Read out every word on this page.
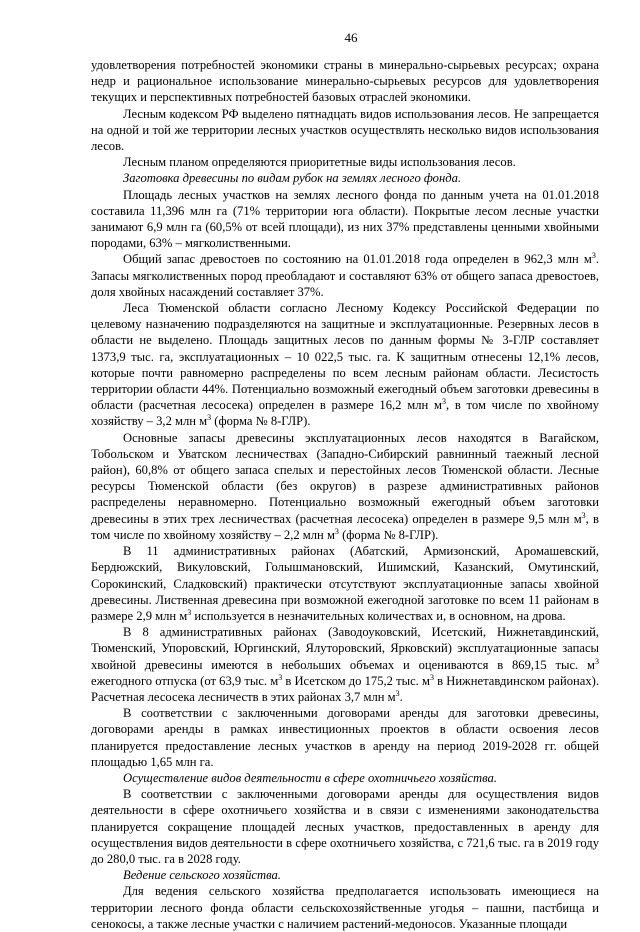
46

удовлетворения потребностей экономики страны в минерально-сырьевых ресурсах; охрана недр и рациональное использование минерально-сырьевых ресурсов для удовлетворения текущих и перспективных потребностей базовых отраслей экономики.

Лесным кодексом РФ выделено пятнадцать видов использования лесов. Не запрещается на одной и той же территории лесных участков осуществлять несколько видов использования лесов.

Лесным планом определяются приоритетные виды использования лесов.

Заготовка древесины по видам рубок на землях лесного фонда.

Площадь лесных участков на землях лесного фонда по данным учета на 01.01.2018 составила 11,396 млн га (71% территории юга области). Покрытые лесом лесные участки занимают 6,9 млн га (60,5% от всей площади), из них 37% представлены ценными хвойными породами, 63% – мягколиственными.

Общий запас древостоев по состоянию на 01.01.2018 года определен в 962,3 млн $м^3$. Запасы мягколиственных пород преобладают и составляют 63% от общего запаса древостоев, доля хвойных насаждений составляет 37%.

Леса Тюменской области согласно Лесному Кодексу Российской Федерации по целевому назначению подразделяются на защитные и эксплуатационные. Резервных лесов в области не выделено. Площадь защитных лесов по данным формы № 3-ГЛР составляет 1373,9 тыс. га, эксплуатационных – 10 022,5 тыс. га. К защитным отнесены 12,1% лесов, которые почти равномерно распределены по всем лесным районам области. Лесистость территории области 44%. Потенциально возможный ежегодный объем заготовки древесины в области (расчетная лесосека) определен в размере 16,2 млн $м^3$, в том числе по хвойному хозяйству – 3,2 млн $м^3$ (форма № 8-ГЛР).

Основные запасы древесины эксплуатационных лесов находятся в Вагайском, Тобольском и Уватском лесничествах (Западно-Сибирский равнинный таежный лесной район), 60,8% от общего запаса спелых и перестойных лесов Тюменской области. Лесные ресурсы Тюменской области (без округов) в разрезе административных районов распределены неравномерно. Потенциально возможный ежегодный объем заготовки древесины в этих трех лесничествах (расчетная лесосека) определен в размере 9,5 млн $м^3$, в том числе по хвойному хозяйству – 2,2 млн $м^3$ (форма № 8-ГЛР).

В 11 административных районах (Абатский, Армизонский, Аромашевский, Бердюжский, Викуловский, Голышмановский, Ишимский, Казанский, Омутинский, Сорокинский, Сладковский) практически отсутствуют эксплуатационные запасы хвойной древесины. Лиственная древесина при возможной ежегодной заготовке по всем 11 районам в размере 2,9 млн $м^3$ используется в незначительных количествах и, в основном, на дрова.

В 8 административных районах (Заводоуковский, Исетский, Нижнетавдинский, Тюменский, Упоровский, Юргинский, Ялуторовский, Ярковский) эксплуатационные запасы хвойной древесины имеются в небольших объемах и оцениваются в 869,15 тыс. $м^3$ ежегодного отпуска (от 63,9 тыс. $м^3$ в Исетском до 175,2 тыс. $м^3$ в Нижнетавдинском районах). Расчетная лесосека лесничеств в этих районах 3,7 млн $м^3$.

В соответствии с заключенными договорами аренды для заготовки древесины, договорами аренды в рамках инвестиционных проектов в области освоения лесов планируется предоставление лесных участков в аренду на период 2019-2028 гг. общей площадью 1,65 млн га.

Осуществление видов деятельности в сфере охотничьего хозяйства.

В соответствии с заключенными договорами аренды для осуществления видов деятельности в сфере охотничьего хозяйства и в связи с изменениями законодательства планируется сокращение площадей лесных участков, предоставленных в аренду для осуществления видов деятельности в сфере охотничьего хозяйства, с 721,6 тыс. га в 2019 году до 280,0 тыс. га в 2028 году.

Ведение сельского хозяйства.

Для ведения сельского хозяйства предполагается использовать имеющиеся на территории лесного фонда области сельскохозяйственные угодья – пашни, пастбища и сенокосы, а также лесные участки с наличием растений-медоносов. Указанные площади
